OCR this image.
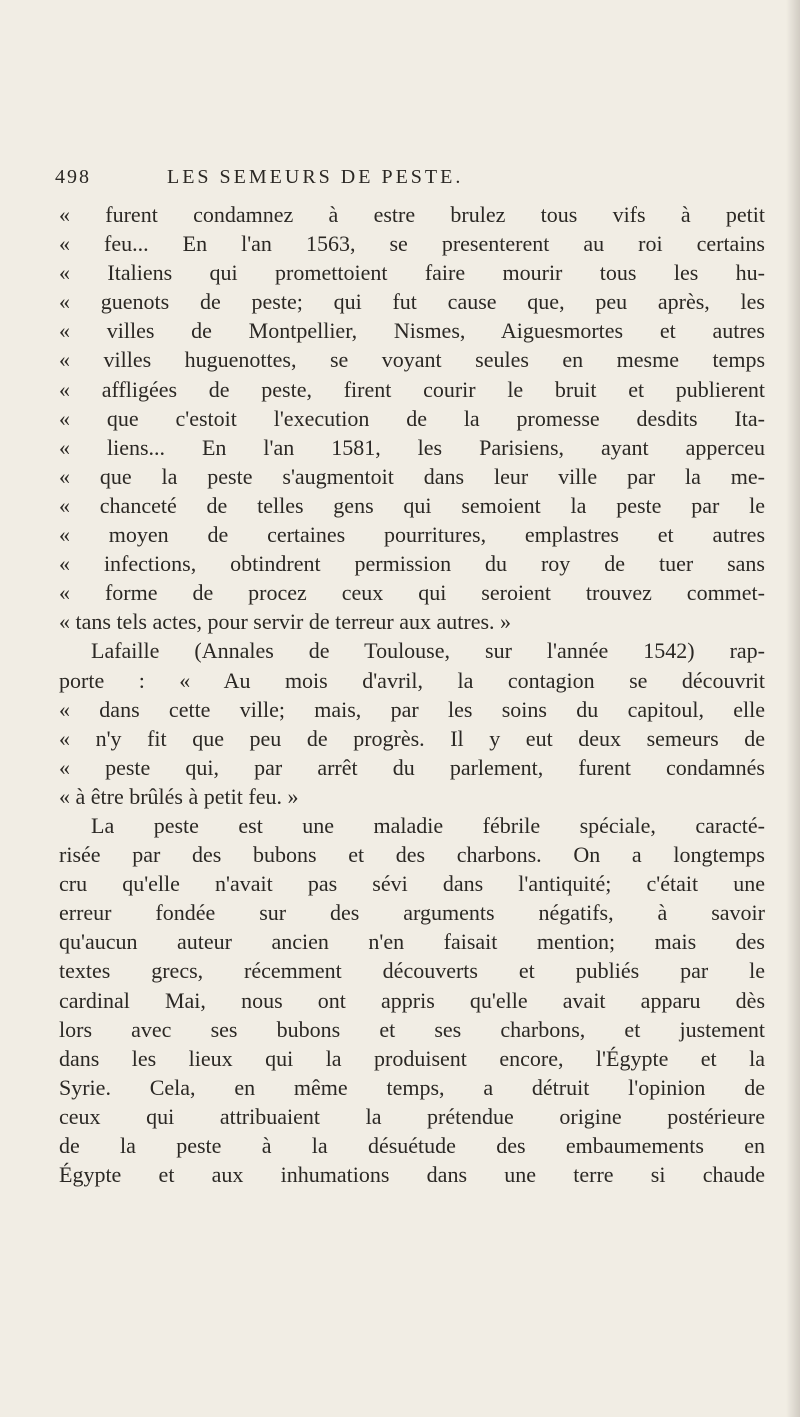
498	LES SEMEURS DE PESTE.
« furent condamnez à estre brulez tous vifs à petit
« feu... En l'an 1563, se presenterent au roi certains
« Italiens qui promettoient faire mourir tous les hu-
« guenots de peste; qui fut cause que, peu après, les
« villes de Montpellier, Nismes, Aiguesmortes et autres
« villes huguenottes, se voyant seules en mesme temps
« affligées de peste, firent courir le bruit et publierent
« que c'estoit l'execution de la promesse desdits Ita-
« liens... En l'an 1581, les Parisiens, ayant apperceu
« que la peste s'augmentoit dans leur ville par la me-
« chanceté de telles gens qui semoient la peste par le
« moyen de certaines pourritures, emplastres et autres
« infections, obtindrent permission du roy de tuer sans
« forme de procez ceux qui seroient trouvez commet-
« tans tels actes, pour servir de terreur aux autres. »
Lafaille (Annales de Toulouse, sur l'année 1542) rap-
porte : « Au mois d'avril, la contagion se découvrit
« dans cette ville; mais, par les soins du capitoul, elle
« n'y fit que peu de progrès. Il y eut deux semeurs de
« peste qui, par arrêt du parlement, furent condamnés
« à être brûlés à petit feu. »
La peste est une maladie fébrile spéciale, caracté-
risée par des bubons et des charbons. On a longtemps
cru qu'elle n'avait pas sévi dans l'antiquité; c'était une
erreur fondée sur des arguments négatifs, à savoir
qu'aucun auteur ancien n'en faisait mention; mais des
textes grecs, récemment découverts et publiés par le
cardinal Mai, nous ont appris qu'elle avait apparu dès
lors avec ses bubons et ses charbons, et justement
dans les lieux qui la produisent encore, l'Égypte et la
Syrie. Cela, en même temps, a détruit l'opinion de
ceux qui attribuaient la prétendue origine postérieure
de la peste à la désuétude des embaumements en
Égypte et aux inhumations dans une terre si chaude
